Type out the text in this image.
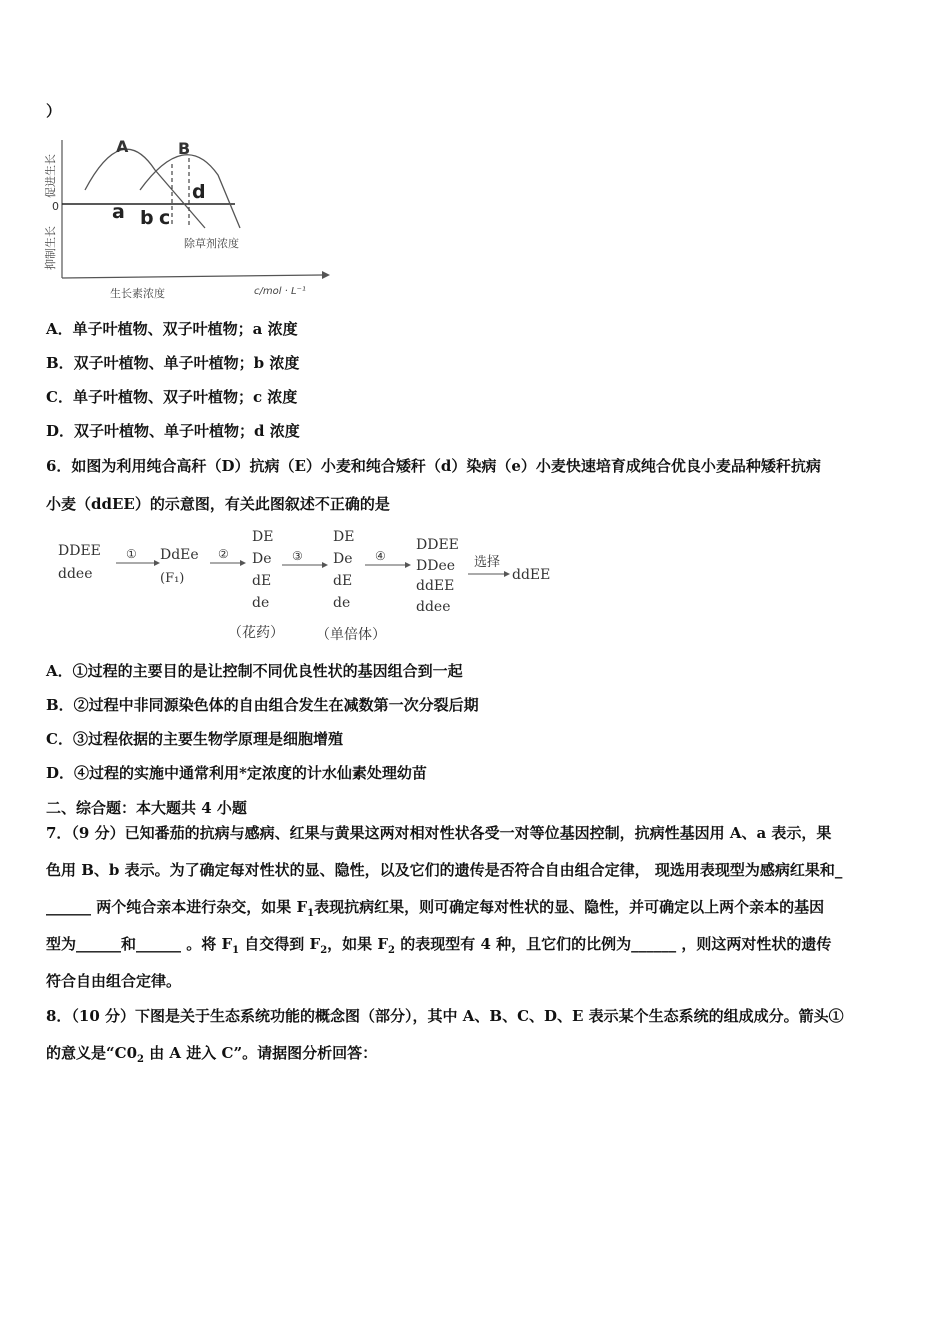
）
A	B
d
a b c
0
促进生长
抑制生长	除草剂浓度
生长素浓度	c/mol · L⁻¹
A．单子叶植物、双子叶植物；a 浓度
B．双子叶植物、单子叶植物；b 浓度
C．单子叶植物、双子叶植物；c 浓度
D．双子叶植物、单子叶植物；d 浓度
6．如图为利用纯合高秆（D）抗病（E）小麦和纯合矮秆（d）染病（e）小麦快速培育成纯合优良小麦品种矮秆抗病
小麦（ddEE）的示意图，有关此图叙述不正确的是
DDEE
ddee
① DdEe
(F₁)
②
DE
De
dE
de
③
DE
De
dE
de
④
DDEE
DDee
ddEE
ddee
选择
ddEE
（花药） （单倍体）
A．①过程的主要目的是让控制不同优良性状的基因组合到一起
B．②过程中非同源染色体的自由组合发生在减数第一次分裂后期
C．③过程依据的主要生物学原理是细胞增殖
D．④过程的实施中通常利用*定浓度的计水仙素处理幼苗
二、综合题：本大题共 4 小题
7．（9 分）已知番茄的抗病与感病、红果与黄果这两对相对性状各受一对等位基因控制，抗病性基因用 A、a 表示，果
色用 B、b 表示。为了确定每对性状的显、隐性，以及它们的遗传是否符合自由组合定律， 现选用表现型为感病红果和_
______ 两个纯合亲本进行杂交，如果 $F_1$表现抗病红果，则可确定每对性状的显、隐性，并可确定以上两个亲本的基因
型为______和______ 。将 $F_1$ 自交得到 $F_2$，如果 $F_2$ 的表现型有 4 种，且它们的比例为______ ，则这两对性状的遗传
符合自由组合定律。
8．（10 分）下图是关于生态系统功能的概念图（部分），其中 A、B、C、D、E 表示某个生态系统的组成成分。箭头①
的意义是“$C0_2$ 由 A 进入 C”。请据图分析回答：
